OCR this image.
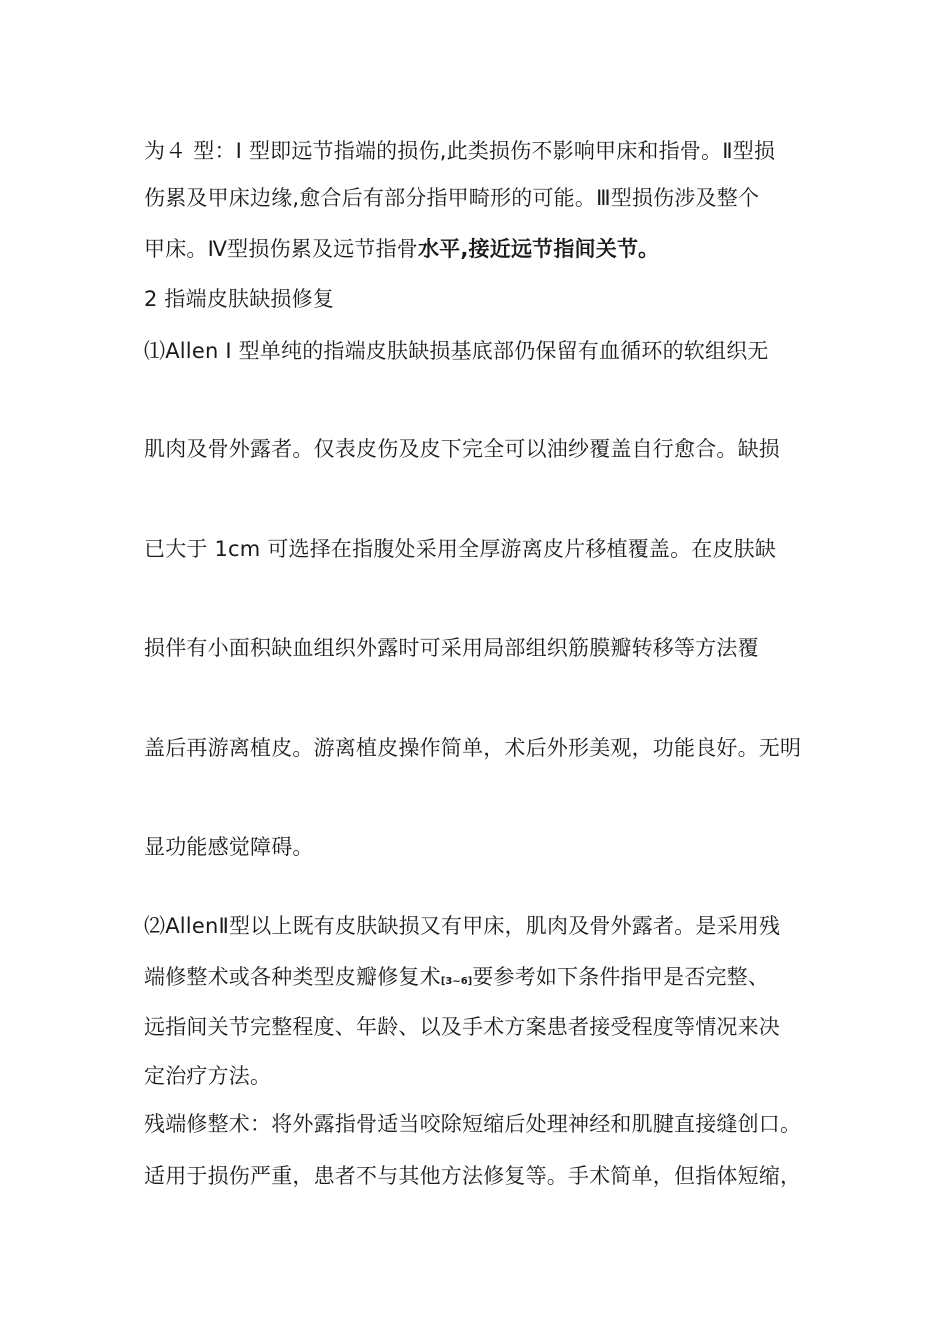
为４ 型：I 型即远节指端的损伤,此类损伤不影响甲床和指骨。Ⅱ型损

伤累及甲床边缘,愈合后有部分指甲畸形的可能。Ⅲ型损伤涉及整个

甲床。Ⅳ型损伤累及远节指骨水平,接近远节指间关节。

2 指端皮肤缺损修复

⑴Allen I 型单纯的指端皮肤缺损基底部仍保留有血循环的软组织无

肌肉及骨外露者。仅表皮伤及皮下完全可以油纱覆盖自行愈合。缺损

已大于 1cm 可选择在指腹处采用全厚游离皮片移植覆盖。在皮肤缺

损伴有小面积缺血组织外露时可采用局部组织筋膜瓣转移等方法覆

盖后再游离植皮。游离植皮操作简单，术后外形美观，功能良好。无明

显功能感觉障碍。

⑵AllenⅡ型以上既有皮肤缺损又有甲床，肌肉及骨外露者。是采用残

端修整术或各种类型皮瓣修复术[3~6]要参考如下条件指甲是否完整、

远指间关节完整程度、年龄、以及手术方案患者接受程度等情况来决

定治疗方法。

残端修整术：将外露指骨适当咬除短缩后处理神经和肌腱直接缝创口。

适用于损伤严重，患者不与其他方法修复等。手术简单，但指体短缩，
